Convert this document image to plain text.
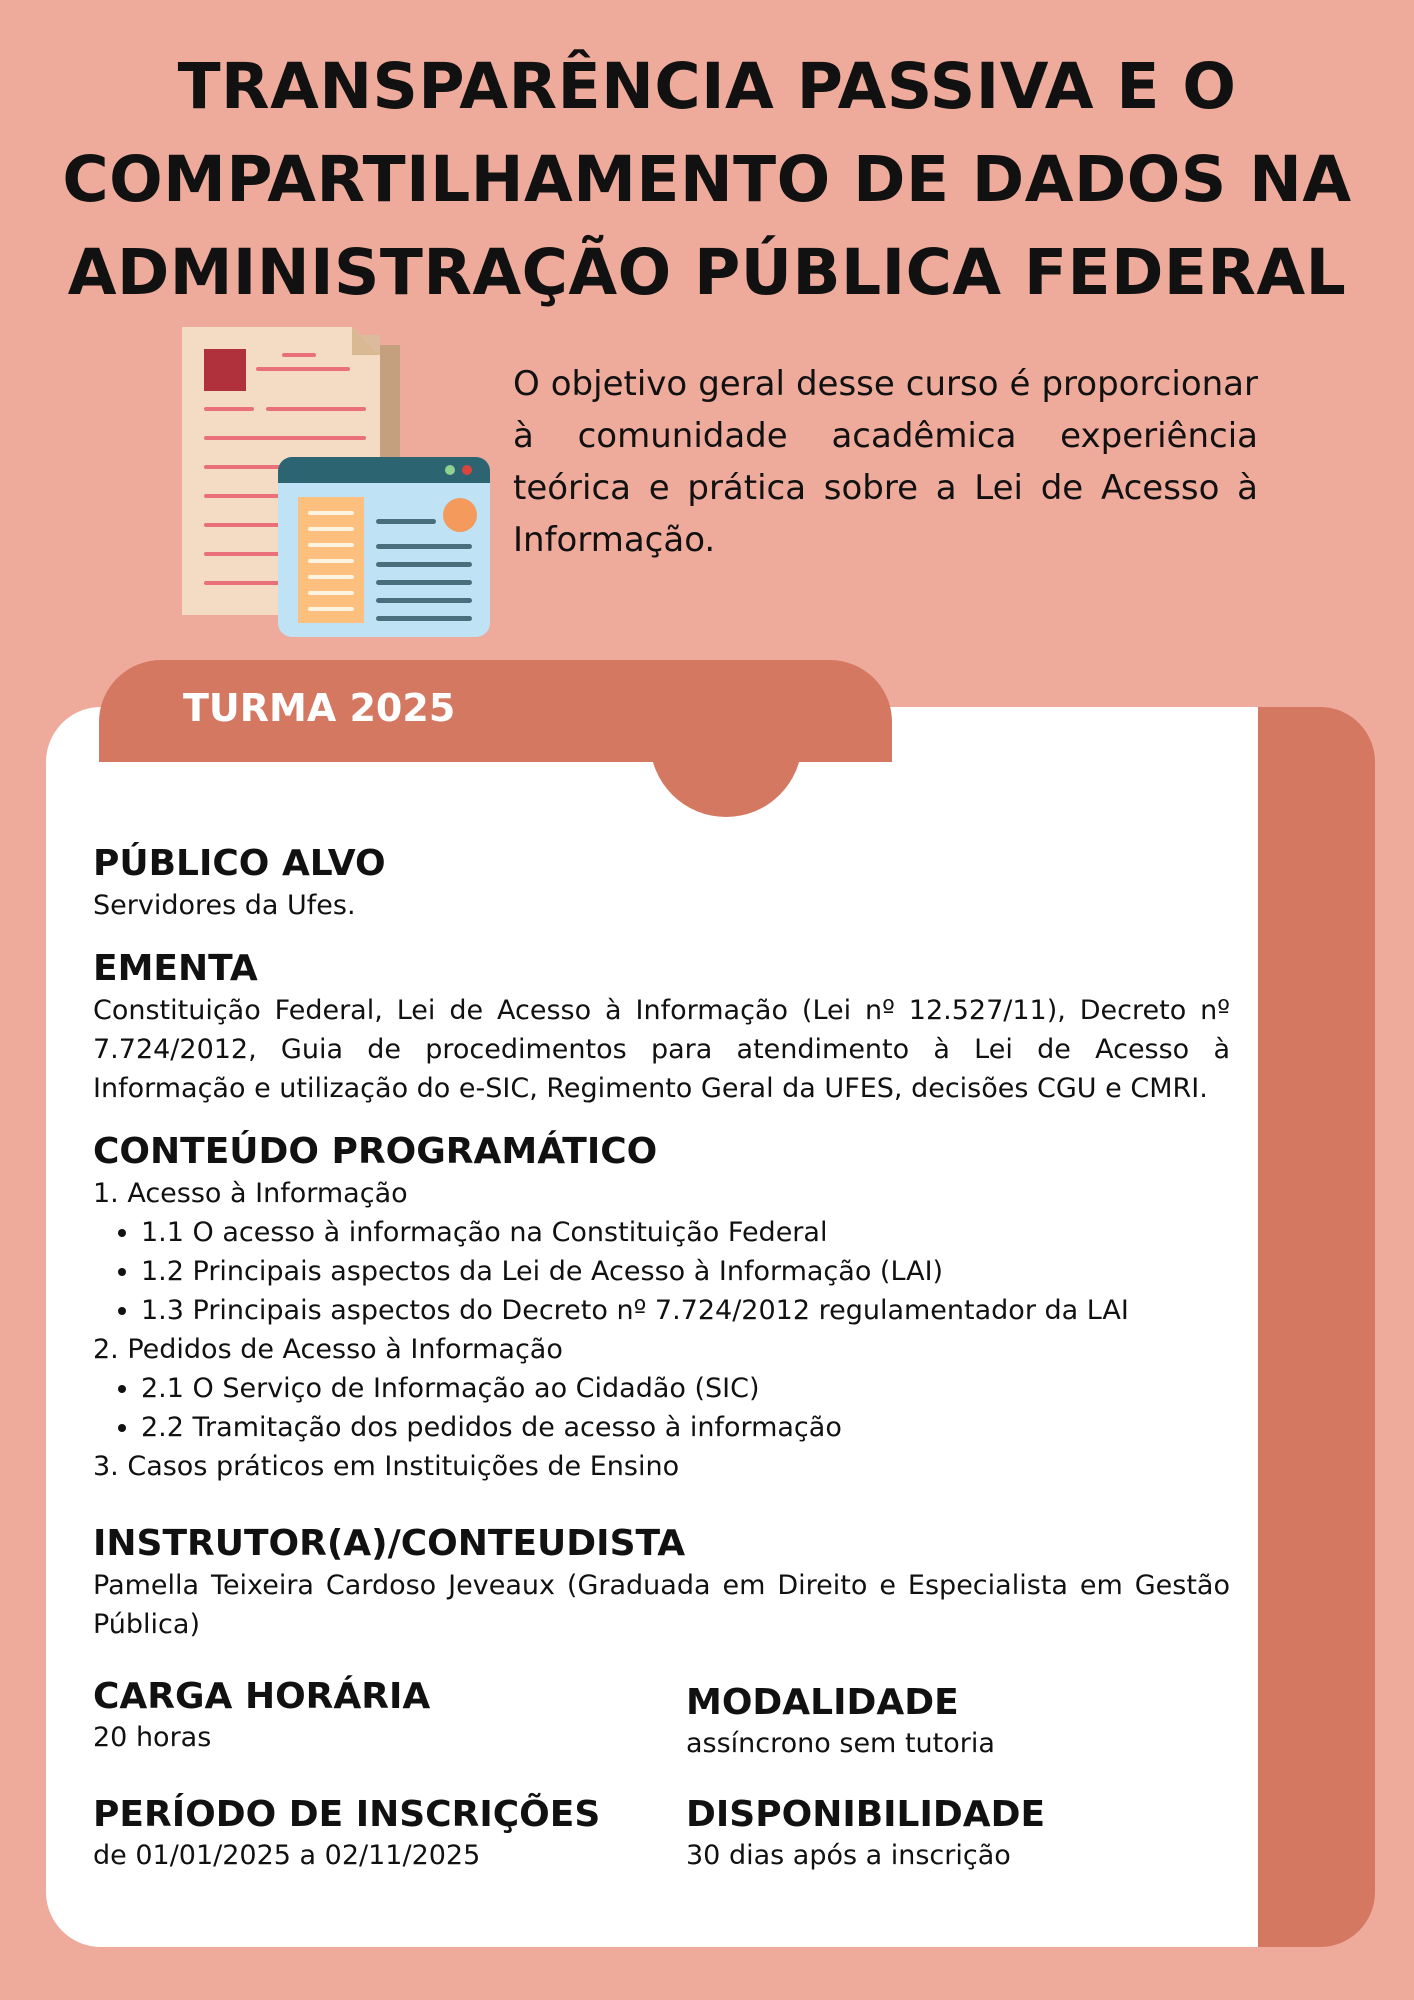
TRANSPARÊNCIA PASSIVA E O
COMPARTILHAMENTO DE DADOS NA
ADMINISTRAÇÃO PÚBLICA FEDERAL

O objetivo geral desse curso é proporcionar à comunidade acadêmica experiência teórica e prática sobre a Lei de Acesso à Informação.

TURMA 2025
PÚBLICO ALVO

Servidores da Ufes.

EMENTA

Constituição Federal, Lei de Acesso à Informação (Lei nº 12.527/11), Decreto nº 7.724/2012, Guia de procedimentos para atendimento à Lei de Acesso à Informação e utilização do e-SIC, Regimento Geral da UFES, decisões CGU e CMRI.

CONTEÚDO PROGRAMÁTICO
1. Acesso à Informação
• 1.1 O acesso à informação na Constituição Federal
• 1.2 Principais aspectos da Lei de Acesso à Informação (LAI)
• 1.3 Principais aspectos do Decreto nº 7.724/2012 regulamentador da LAI
2. Pedidos de Acesso à Informação
• 2.1 O Serviço de Informação ao Cidadão (SIC)
• 2.2 Tramitação dos pedidos de acesso à informação
3. Casos práticos em Instituições de Ensino
INSTRUTOR(A)/CONTEUDISTA

Pamella Teixeira Cardoso Jeveaux (Graduada em Direito e Especialista em Gestão Pública)

CARGA HORÁRIA

20 horas

MODALIDADE

assíncrono sem tutoria

PERÍODO DE INSCRIÇÕES

de 01/01/2025 a 02/11/2025

DISPONIBILIDADE

30 dias após a inscrição
